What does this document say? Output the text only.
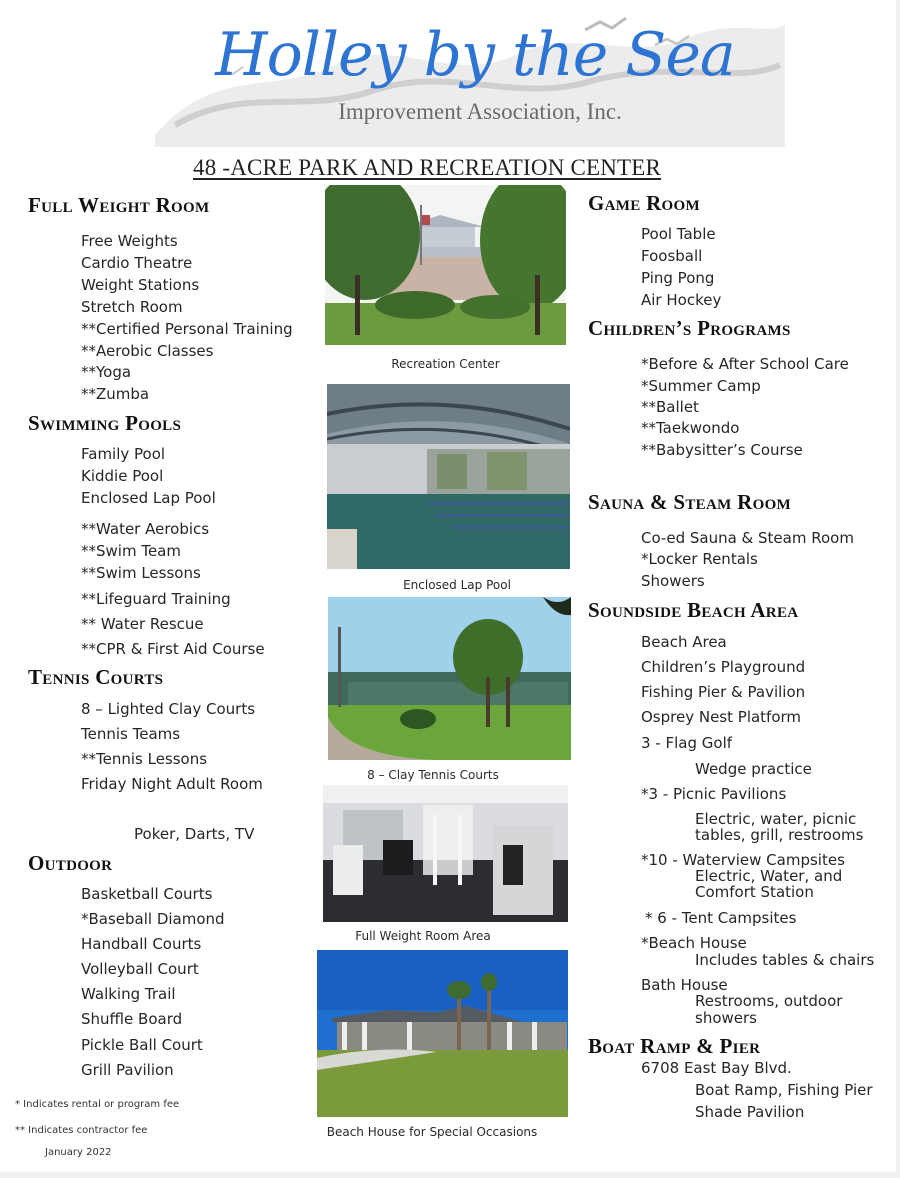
Holley by the Sea
Improvement Association, Inc.
48 -ACRE PARK AND RECREATION CENTER
Full Weight Room
Free Weights
Cardio Theatre
Weight Stations
Stretch Room
**Certified Personal Training
**Aerobic Classes
**Yoga
**Zumba
Swimming Pools
Family Pool
Kiddie Pool
Enclosed Lap Pool
**Water Aerobics
**Swim Team
**Swim Lessons
**Lifeguard Training
** Water Rescue
**CPR & First Aid Course
Tennis Courts
8 – Lighted Clay Courts
Tennis Teams
**Tennis Lessons
Friday Night Adult Room
Poker, Darts, TV
Outdoor
Basketball Courts
*Baseball Diamond
Handball Courts
Volleyball Court
Walking Trail
Shuffle Board
Pickle Ball Court
Grill Pavilion
* Indicates rental or program fee
** Indicates contractor fee
January 2022
Recreation Center
Enclosed Lap Pool
8 – Clay Tennis Courts
Full Weight Room Area
Beach House for Special Occasions
Game Room
Pool Table
Foosball
Ping Pong
Air Hockey
Children’s Programs
*Before & After School Care
*Summer Camp
**Ballet
**Taekwondo
**Babysitter’s Course
Sauna & Steam Room
Co-ed Sauna & Steam Room
*Locker Rentals
Showers
Soundside Beach Area
Beach Area
Children’s Playground
Fishing Pier & Pavilion
Osprey Nest Platform
3 - Flag Golf
Wedge practice
*3 - Picnic Pavilions
Electric, water, picnic
tables, grill, restrooms
*10 - Waterview Campsites
Electric, Water, and
Comfort Station
* 6 - Tent Campsites
*Beach House
Includes tables & chairs
Bath House
Restrooms, outdoor
showers
Boat Ramp & Pier
6708 East Bay Blvd.
Boat Ramp, Fishing Pier
Shade Pavilion
